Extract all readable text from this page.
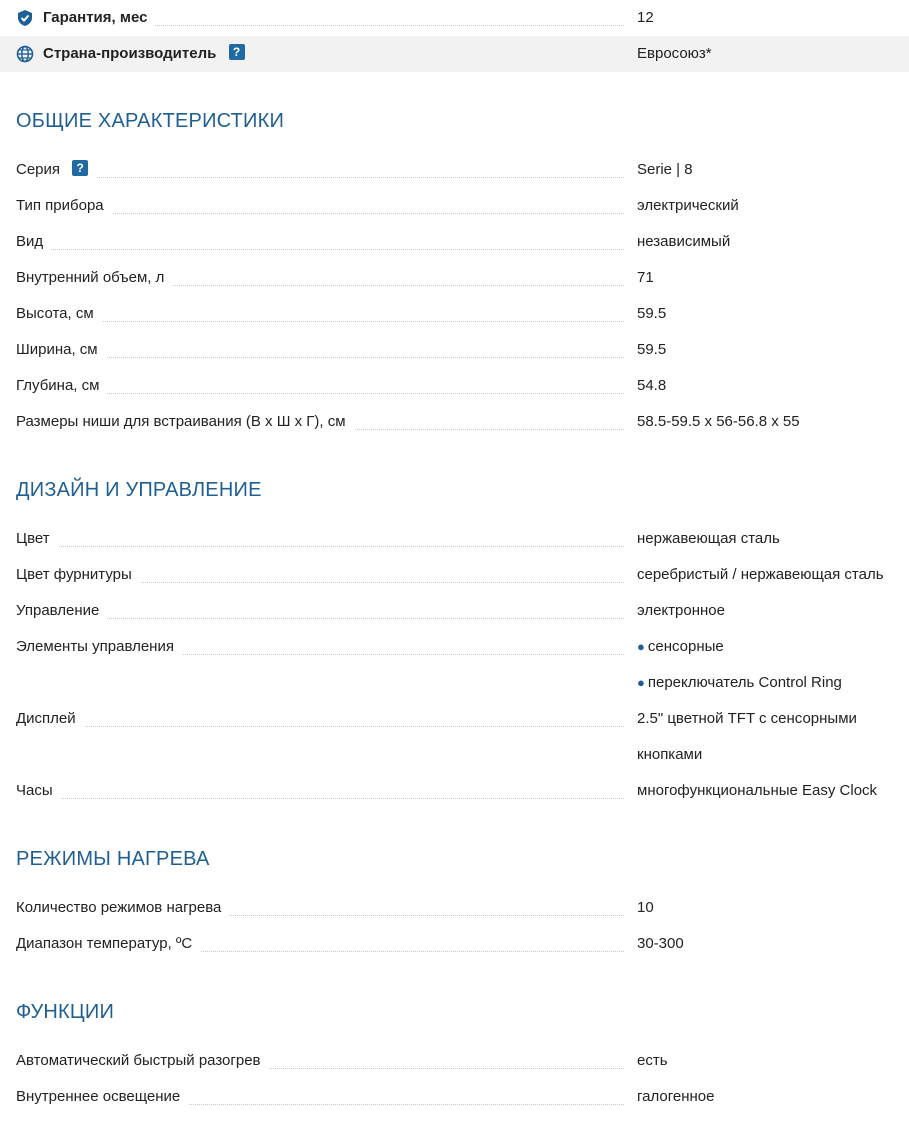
Гарантия, мес	12
Страна-производитель ?	Евросоюз*
ОБЩИЕ ХАРАКТЕРИСТИКИ
Серия ?	Serie | 8
Тип прибора	электрический
Вид	независимый
Внутренний объем, л	71
Высота, см	59.5
Ширина, см	59.5
Глубина, см	54.8
Размеры ниши для встраивания (В х Ш х Г), см	58.5-59.5 х 56-56.8 х 55
ДИЗАЙН И УПРАВЛЕНИЕ
Цвет	нержавеющая сталь
Цвет фурнитуры	серебристый / нержавеющая сталь
Управление	электронное
Элементы управления	● сенсорные
● переключатель Control Ring
Дисплей	2.5" цветной TFT с сенсорными
кнопками
Часы	многофункциональные Easy Clock
РЕЖИМЫ НАГРЕВА
Количество режимов нагрева	10
Диапазон температур, ºС	30-300
ФУНКЦИИ
Автоматический быстрый разогрев	есть
Внутреннее освещение	галогенное
